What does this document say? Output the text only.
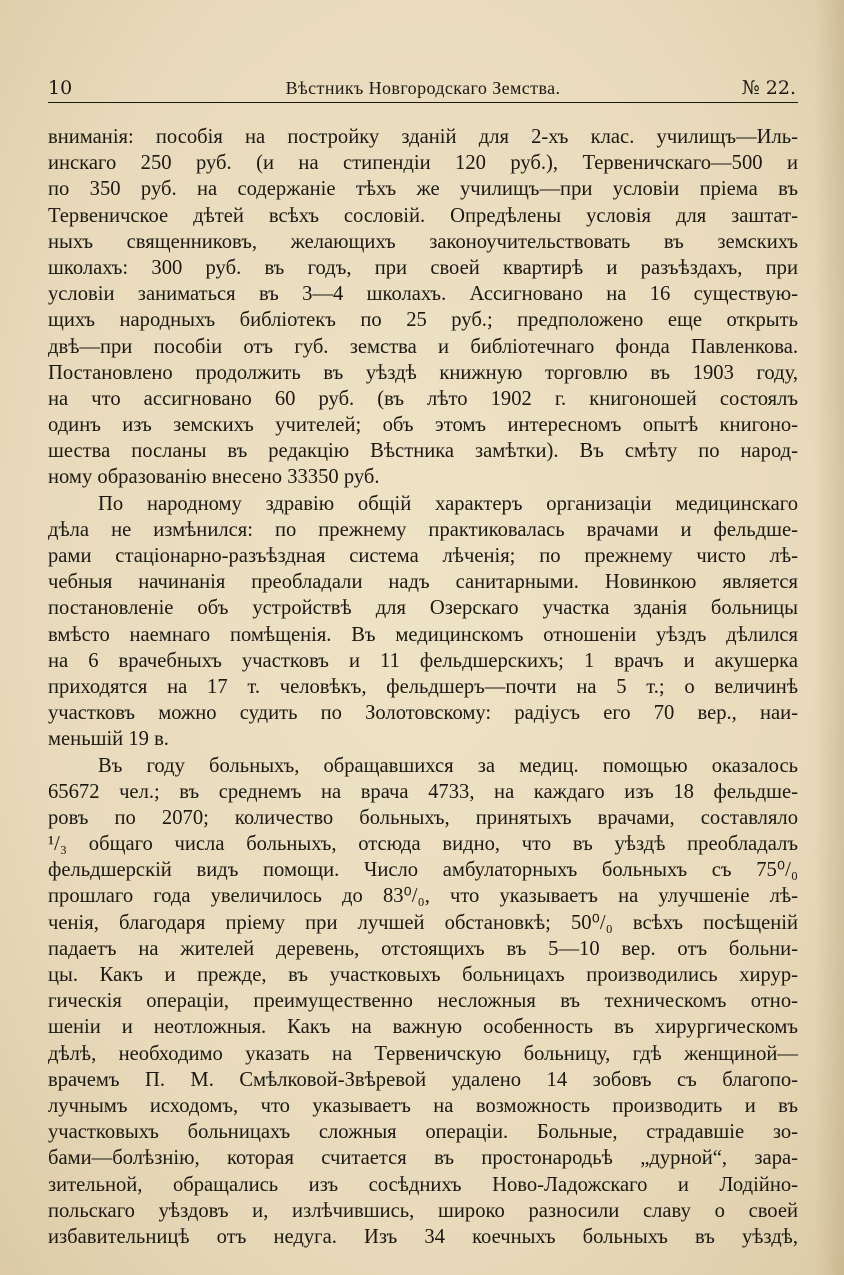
10	Вѣстникъ Новгородскаго Земства.	№ 22.
вниманія: пособія на постройку зданій для 2-хъ клас. училищъ—Иль-
инскаго 250 руб. (и на стипендіи 120 руб.), Тервеничскаго—500 и
по 350 руб. на содержаніе тѣхъ же училищъ—при условіи пріема въ
Тервеничское дѣтей всѣхъ сословій. Опредѣлены условія для заштат-
ныхъ священниковъ, желающихъ законоучительствовать въ земскихъ
школахъ: 300 руб. въ годъ, при своей квартирѣ и разъѣздахъ, при
условіи заниматься въ 3—4 школахъ. Ассигновано на 16 существую-
щихъ народныхъ библіотекъ по 25 руб.; предположено еще открыть
двѣ—при пособіи отъ губ. земства и библіотечнаго фонда Павленкова.
Постановлено продолжить въ уѣздѣ книжную торговлю въ 1903 году,
на что ассигновано 60 руб. (въ лѣто 1902 г. книгоношей состоялъ
одинъ изъ земскихъ учителей; объ этомъ интересномъ опытѣ книгоно-
шества посланы въ редакцію Вѣстника замѣтки). Въ смѣту по народ-
ному образованію внесено 33350 руб.
По народному здравію общій характеръ организаціи медицинскаго
дѣла не измѣнился: по прежнему практиковалась врачами и фельдше-
рами стаціонарно-разъѣздная система лѣченія; по прежнему чисто лѣ-
чебныя начинанія преобладали надъ санитарными. Новинкою является
постановленіе объ устройствѣ для Озерскаго участка зданія больницы
вмѣсто наемнаго помѣщенія. Въ медицинскомъ отношеніи уѣздъ дѣлился
на 6 врачебныхъ участковъ и 11 фельдшерскихъ; 1 врачъ и акушерка
приходятся на 17 т. человѣкъ, фельдшеръ—почти на 5 т.; о величинѣ
участковъ можно судить по Золотовскому: радіусъ его 70 вер., наи-
меньшій 19 в.
Въ году больныхъ, обращавшихся за медиц. помощью оказалось
65672 чел.; въ среднемъ на врача 4733, на каждаго изъ 18 фельдше-
ровъ по 2070; количество больныхъ, принятыхъ врачами, составляло
¹/₃ общаго числа больныхъ, отсюда видно, что въ уѣздѣ преобладалъ
фельдшерскій видъ помощи. Число амбулаторныхъ больныхъ съ 75⁰/₀
прошлаго года увеличилось до 83⁰/₀, что указываетъ на улучшеніе лѣ-
ченія, благодаря пріему при лучшей обстановкѣ; 50⁰/₀ всѣхъ посѣщеній
падаетъ на жителей деревень, отстоящихъ въ 5—10 вер. отъ больни-
цы. Какъ и прежде, въ участковыхъ больницахъ производились хирур-
гическія операціи, преимущественно несложныя въ техническомъ отно-
шеніи и неотложныя. Какъ на важную особенность въ хирургическомъ
дѣлѣ, необходимо указать на Тервеничскую больницу, гдѣ женщиной—
врачемъ П. М. Смѣлковой-Звѣревой удалено 14 зобовъ съ благопо-
лучнымъ исходомъ, что указываетъ на возможность производить и въ
участковыхъ больницахъ сложныя операціи. Больные, страдавшіе зо-
бами—болѣзнію, которая считается въ простонародьѣ „дурной“, зара-
зительной, обращались изъ сосѣднихъ Ново-Ладожскаго и Лодійно-
польскаго уѣздовъ и, излѣчившись, широко разносили славу о своей
избавительницѣ отъ недуга. Изъ 34 коечныхъ больныхъ въ уѣздѣ,
